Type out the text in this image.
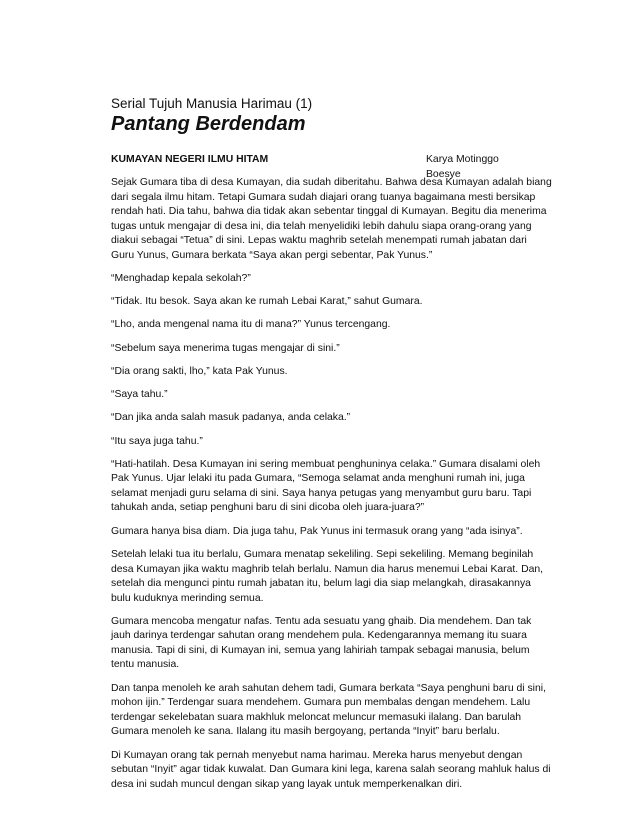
Serial Tujuh Manusia Harimau (1)

Pantang Berdendam
KUMAYAN NEGERI ILMU HITAM	Karya Motinggo Boesye

Sejak Gumara tiba di desa Kumayan, dia sudah diberitahu. Bahwa desa Kumayan adalah biang
dari segala ilmu hitam. Tetapi Gumara sudah diajari orang tuanya bagaimana mesti bersikap
rendah hati. Dia tahu, bahwa dia tidak akan sebentar tinggal di Kumayan. Begitu dia menerima
tugas untuk mengajar di desa ini, dia telah menyelidiki lebih dahulu siapa orang-orang yang
diakui sebagai “Tetua” di sini. Lepas waktu maghrib setelah menempati rumah jabatan dari
Guru Yunus, Gumara berkata “Saya akan pergi sebentar, Pak Yunus.”

“Menghadap kepala sekolah?”

“Tidak. Itu besok. Saya akan ke rumah Lebai Karat,” sahut Gumara.

“Lho, anda mengenal nama itu di mana?” Yunus tercengang.

“Sebelum saya menerima tugas mengajar di sini.”

“Dia orang sakti, lho,” kata Pak Yunus.

“Saya tahu.”

“Dan jika anda salah masuk padanya, anda celaka.”

“Itu saya juga tahu.”

“Hati-hatilah. Desa Kumayan ini sering membuat penghuninya celaka.” Gumara disalami oleh
Pak Yunus. Ujar lelaki itu pada Gumara, “Semoga selamat anda menghuni rumah ini, juga
selamat menjadi guru selama di sini. Saya hanya petugas yang menyambut guru baru. Tapi
tahukah anda, setiap penghuni baru di sini dicoba oleh juara-juara?”

Gumara hanya bisa diam. Dia juga tahu, Pak Yunus ini termasuk orang yang “ada isinya”.

Setelah lelaki tua itu berlalu, Gumara menatap sekeliling. Sepi sekeliling. Memang beginilah
desa Kumayan jika waktu maghrib telah berlalu. Namun dia harus menemui Lebai Karat. Dan,
setelah dia mengunci pintu rumah jabatan itu, belum lagi dia siap melangkah, dirasakannya
bulu kuduknya merinding semua.

Gumara mencoba mengatur nafas. Tentu ada sesuatu yang ghaib. Dia mendehem. Dan tak
jauh darinya terdengar sahutan orang mendehem pula. Kedengarannya memang itu suara
manusia. Tapi di sini, di Kumayan ini, semua yang lahiriah tampak sebagai manusia, belum
tentu manusia.

Dan tanpa menoleh ke arah sahutan dehem tadi, Gumara berkata “Saya penghuni baru di sini,
mohon ijin.” Terdengar suara mendehem. Gumara pun membalas dengan mendehem. Lalu
terdengar sekelebatan suara makhluk meloncat meluncur memasuki ilalang. Dan barulah
Gumara menoleh ke sana. Ilalang itu masih bergoyang, pertanda “Inyit” baru berlalu.

Di Kumayan orang tak pernah menyebut nama harimau. Mereka harus menyebut dengan
sebutan “Inyit” agar tidak kuwalat. Dan Gumara kini lega, karena salah seorang mahluk halus di
desa ini sudah muncul dengan sikap yang layak untuk memperkenalkan diri.
